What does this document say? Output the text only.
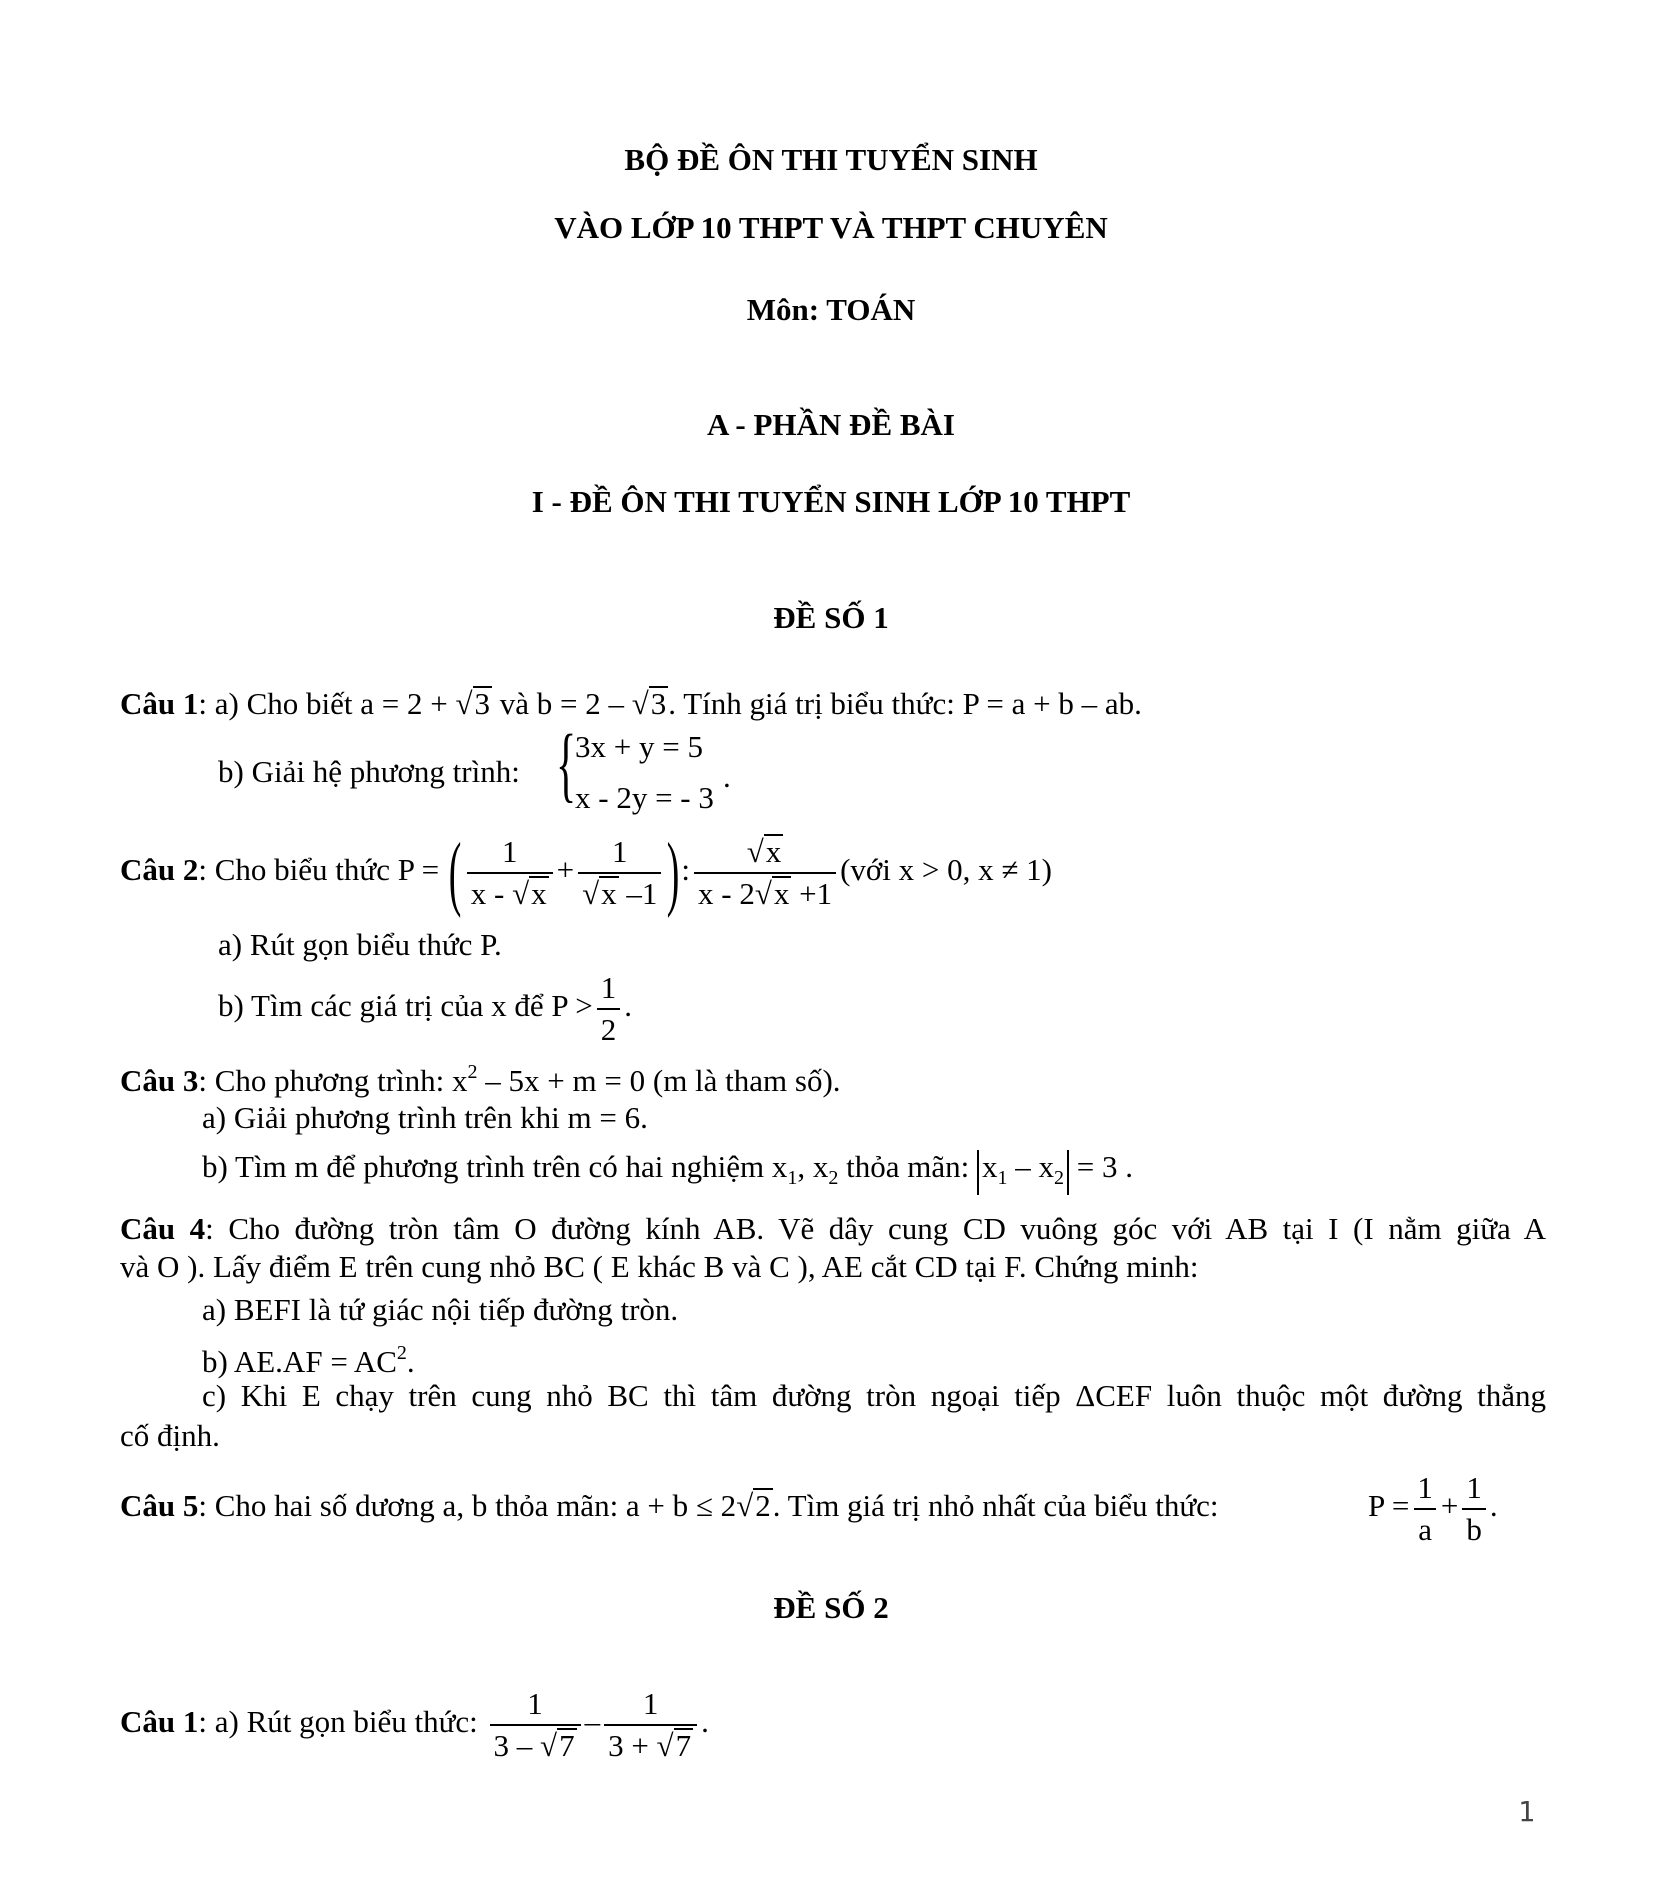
BỘ ĐỀ ÔN THI TUYỂN SINH
VÀO LỚP 10 THPT VÀ THPT CHUYÊN
Môn: TOÁN
A - PHẦN ĐỀ BÀI
I - ĐỀ ÔN THI TUYỂN SINH LỚP 10 THPT
ĐỀ SỐ 1
Câu 1: a) Cho biết a = 2 + √3 và b = 2 – √3. Tính giá trị biểu thức: P = a + b – ab.
b) Giải hệ phương trình: {
3x + y = 5
x - 2y = - 3
.
Câu 2: Cho biểu thức P = ( $\frac{1}{x - √x} + \frac{1}{√x -1}$ ): $\frac{√x}{x - 2√x +1}$ (với x > 0, x ≠ 1)
a) Rút gọn biểu thức P.
b) Tìm các giá trị của x để $P > \frac{1}{2}$ .
Câu 3: Cho phương trình: $x^2 - 5x + m = 0$ (m là tham số).
a) Giải phương trình trên khi m = 6.
b) Tìm m để phương trình trên có hai nghiệm $x_1$, $x_2$ thỏa mãn: $x_1 - x_2 = 3$ .
Câu 4: Cho đường tròn tâm O đường kính AB. Vẽ dây cung CD vuông góc với AB tại I (I nằm giữa A
và O ). Lấy điểm E trên cung nhỏ BC ( E khác B và C ), AE cắt CD tại F. Chứng minh:
a) BEFI là tứ giác nội tiếp đường tròn.
b) $AE.AF = AC^2$.
c) Khi E chạy trên cung nhỏ BC thì tâm đường tròn ngoại tiếp ΔCEF luôn thuộc một đường thẳng
cố định.
Câu 5: Cho hai số dương a, b thỏa mãn: a + b ≤ 2√2. Tìm giá trị nhỏ nhất của biểu thức:	$P = \frac{1}{a} + \frac{1}{b}$ .
ĐỀ SỐ 2
Câu 1: a) Rút gọn biểu thức: $\frac{1}{3 - √7} - \frac{1}{3 + √7}$ .
1
